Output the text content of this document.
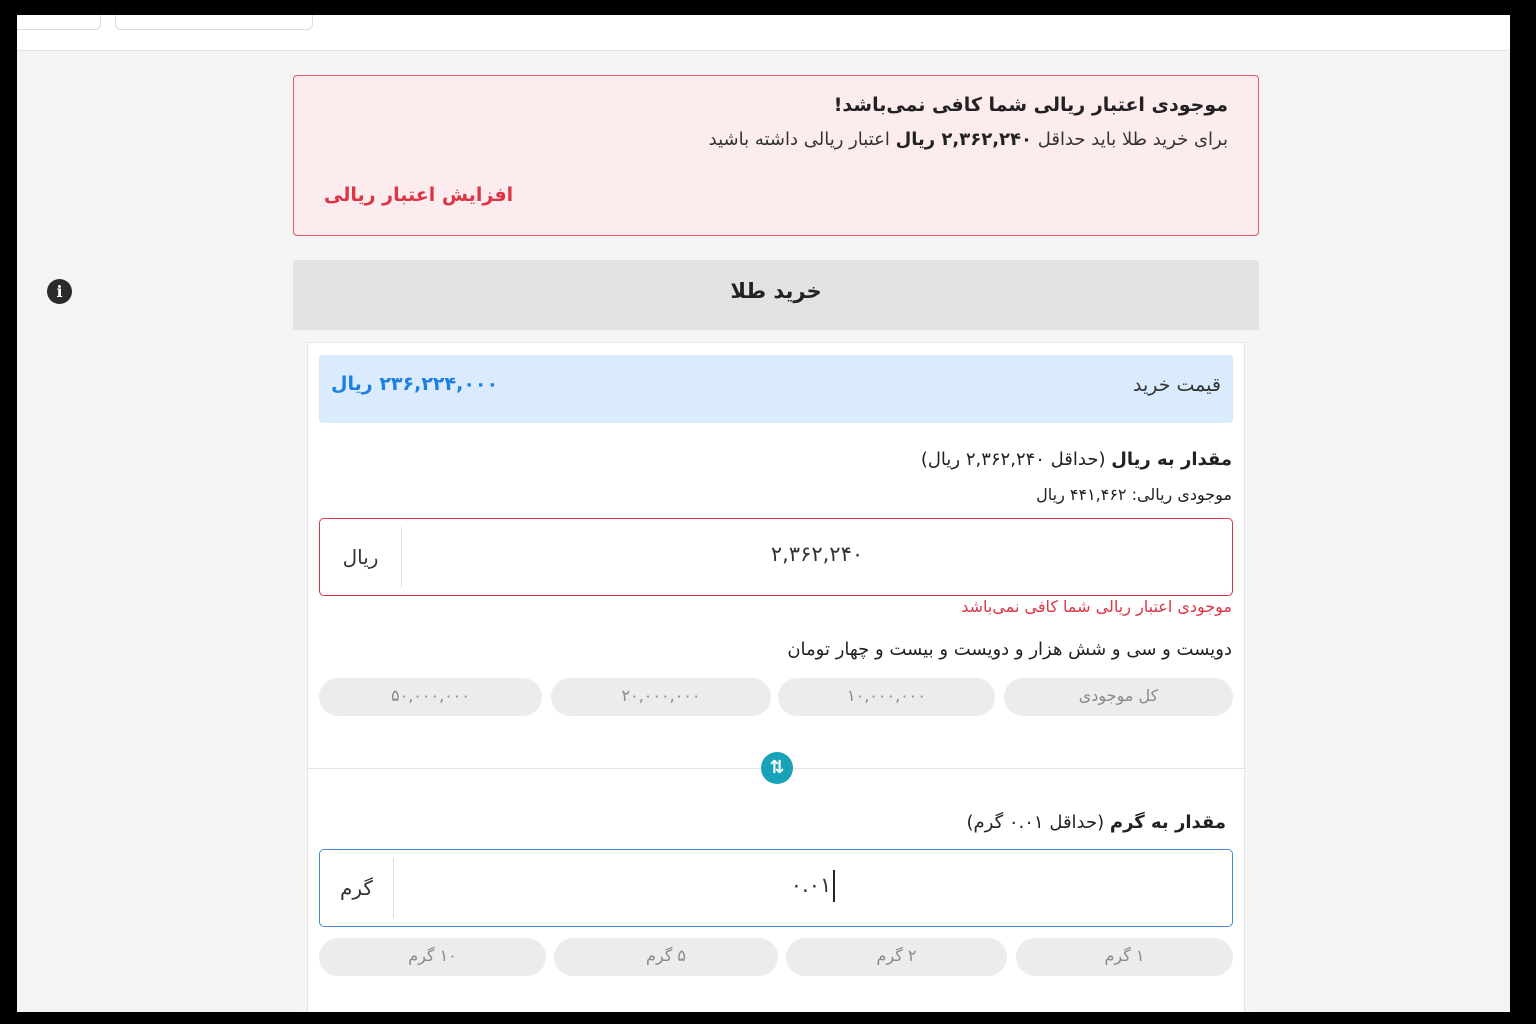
موجودی اعتبار ریالی شما کافی نمی‌باشد!
برای خرید طلا باید حداقل ۲,۳۶۲,۲۴۰ ریال اعتبار ریالی داشته باشید
افزایش اعتبار ریالی
خرید طلا
i
قیمت خرید
۲۳۶,۲۲۴,۰۰۰ ریال
مقدار به ریال (حداقل ۲,۳۶۲,۲۴۰ ریال)
موجودی ریالی: ۴۴۱,۴۶۲ ریال
ریال	۲,۳۶۲,۲۴۰
موجودی اعتبار ریالی شما کافی نمی‌باشد
دویست و سی و شش هزار و دویست و بیست و چهار تومان
کل موجودی
۱۰,۰۰۰,۰۰۰
۲۰,۰۰۰,۰۰۰
۵۰,۰۰۰,۰۰۰
⇅
مقدار به گرم (حداقل ۰.۰۱ گرم)
گرم	۰.۰۱
۱ گرم
۲ گرم
۵ گرم
۱۰ گرم
